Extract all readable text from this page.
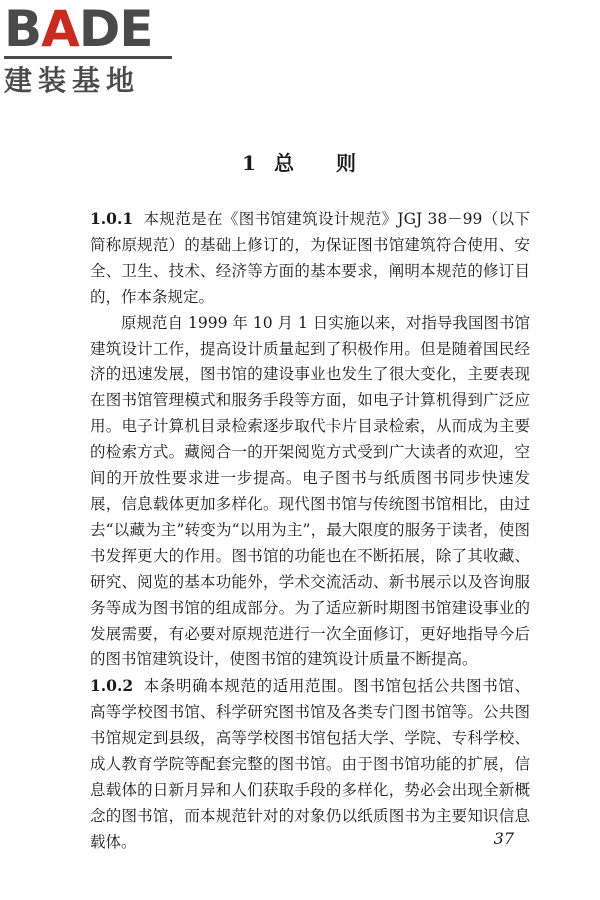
BADE
建装基地
1 总 则

1.0.1 本规范是在《图书馆建筑设计规范》JGJ 38－99（以下简称原规范）的基础上修订的，为保证图书馆建筑符合使用、安全、卫生、技术、经济等方面的基本要求，阐明本规范的修订目的，作本条规定。

原规范自 1999 年 10 月 1 日实施以来，对指导我国图书馆建筑设计工作，提高设计质量起到了积极作用。但是随着国民经济的迅速发展，图书馆的建设事业也发生了很大变化，主要表现在图书馆管理模式和服务手段等方面，如电子计算机得到广泛应用。电子计算机目录检索逐步取代卡片目录检索，从而成为主要的检索方式。藏阅合一的开架阅览方式受到广大读者的欢迎，空间的开放性要求进一步提高。电子图书与纸质图书同步快速发展，信息载体更加多样化。现代图书馆与传统图书馆相比，由过去“以藏为主”转变为“以用为主”，最大限度的服务于读者，使图书发挥更大的作用。图书馆的功能也在不断拓展，除了其收藏、研究、阅览的基本功能外，学术交流活动、新书展示以及咨询服务等成为图书馆的组成部分。为了适应新时期图书馆建设事业的发展需要，有必要对原规范进行一次全面修订，更好地指导今后的图书馆建筑设计，使图书馆的建筑设计质量不断提高。

1.0.2 本条明确本规范的适用范围。图书馆包括公共图书馆、高等学校图书馆、科学研究图书馆及各类专门图书馆等。公共图书馆规定到县级，高等学校图书馆包括大学、学院、专科学校、成人教育学院等配套完整的图书馆。由于图书馆功能的扩展，信息载体的日新月异和人们获取手段的多样化，势必会出现全新概念的图书馆，而本规范针对的对象仍以纸质图书为主要知识信息载体。	37
